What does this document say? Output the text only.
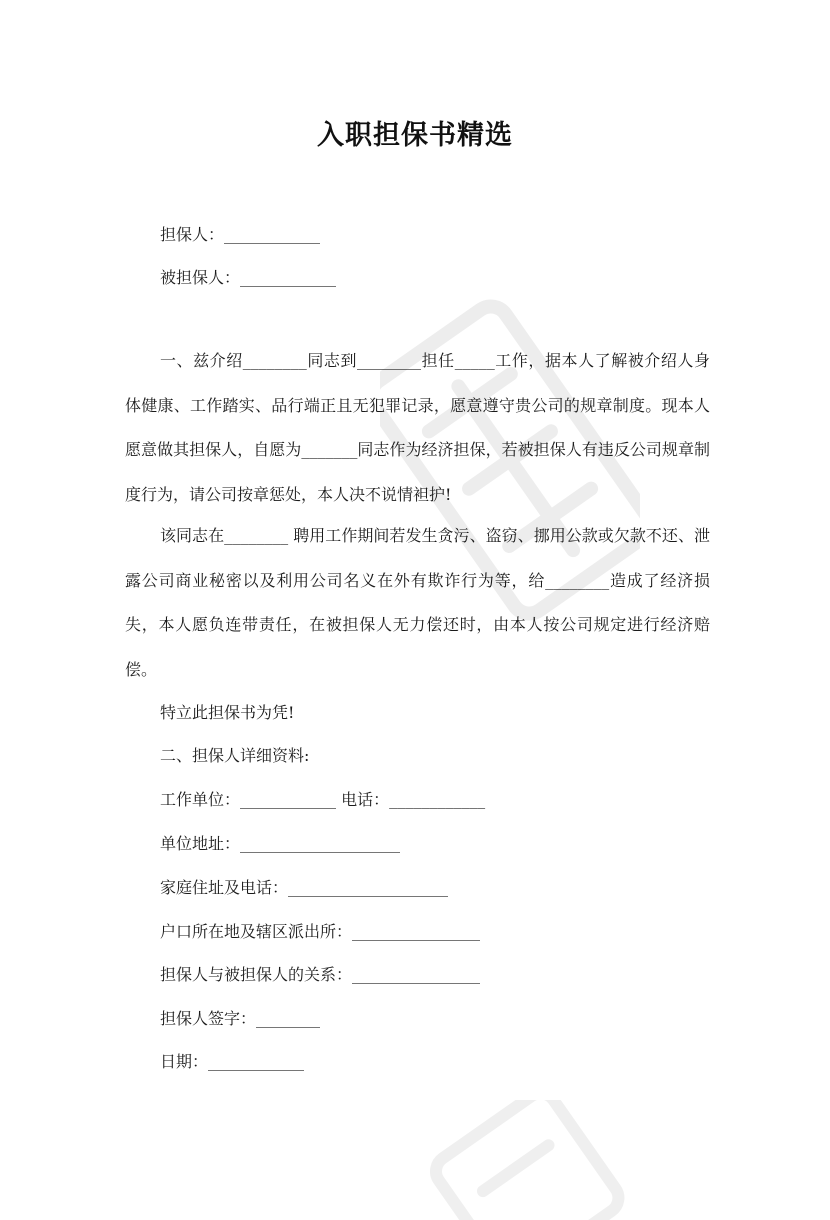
入职担保书精选
担保人：____________
被担保人：____________
一、兹介绍________同志到________担任_____工作，据本人了解被介绍人身体健康、工作踏实、品行端正且无犯罪记录，愿意遵守贵公司的规章制度。现本人愿意做其担保人，自愿为_______同志作为经济担保，若被担保人有违反公司规章制度行为，请公司按章惩处，本人决不说情袒护!
该同志在________ 聘用工作期间若发生贪污、盗窃、挪用公款或欠款不还、泄露公司商业秘密以及利用公司名义在外有欺诈行为等，给________造成了经济损失，本人愿负连带责任，在被担保人无力偿还时，由本人按公司规定进行经济赔偿。
特立此担保书为凭!
二、担保人详细资料:
工作单位：____________ 电话：____________
单位地址：____________________
家庭住址及电话：____________________
户口所在地及辖区派出所：________________
担保人与被担保人的关系：________________
担保人签字：________
日期：____________
